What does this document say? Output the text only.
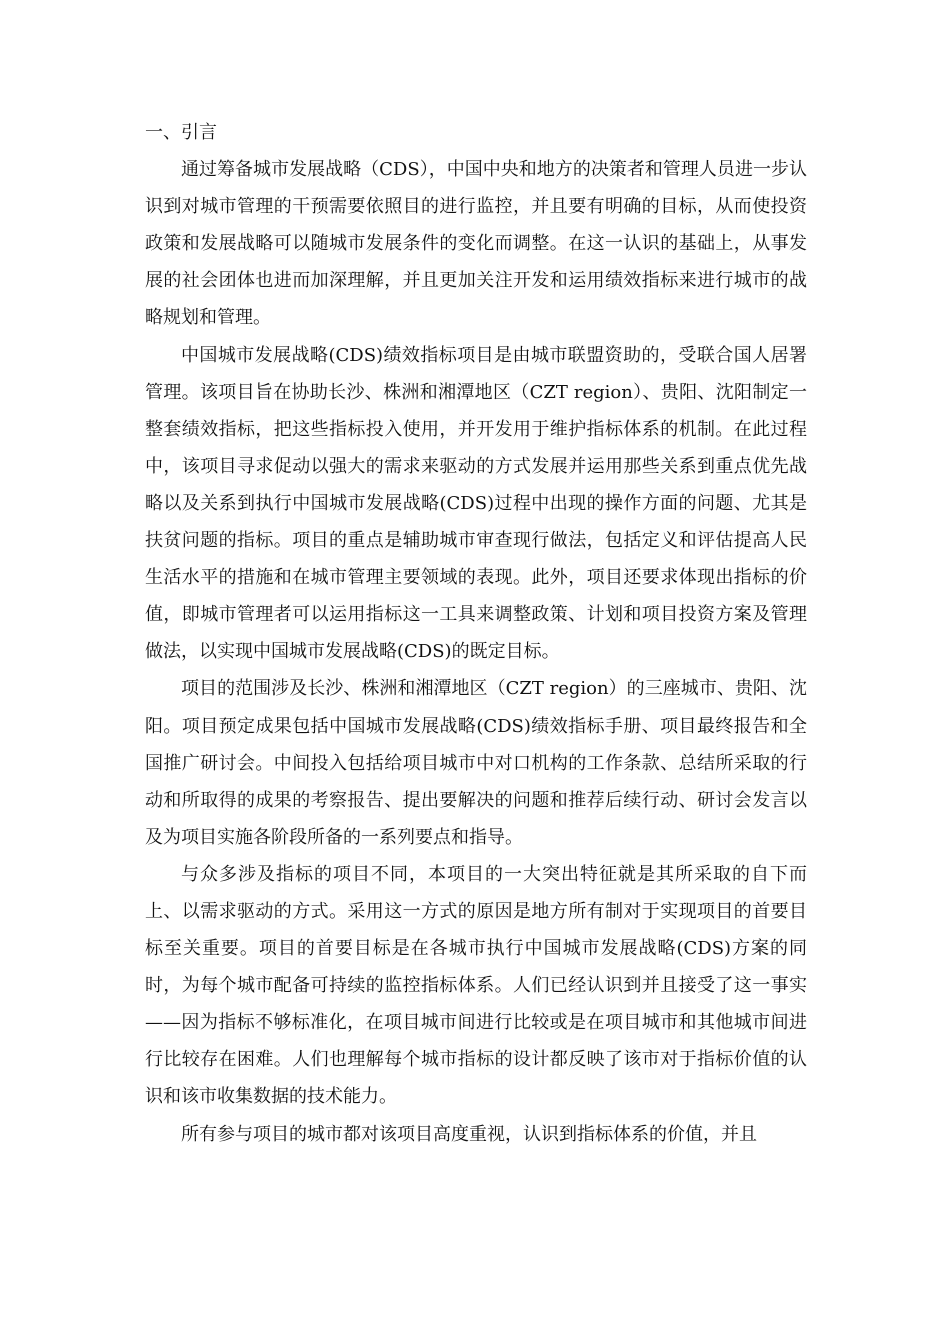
一、引言

通过筹备城市发展战略（CDS），中国中央和地方的决策者和管理人员进一步认识到对城市管理的干预需要依照目的进行监控，并且要有明确的目标，从而使投资政策和发展战略可以随城市发展条件的变化而调整。在这一认识的基础上，从事发展的社会团体也进而加深理解，并且更加关注开发和运用绩效指标来进行城市的战略规划和管理。

中国城市发展战略(CDS)绩效指标项目是由城市联盟资助的，受联合国人居署管理。该项目旨在协助长沙、株洲和湘潭地区（CZT region）、贵阳、沈阳制定一整套绩效指标，把这些指标投入使用，并开发用于维护指标体系的机制。在此过程中，该项目寻求促动以强大的需求来驱动的方式发展并运用那些关系到重点优先战略以及关系到执行中国城市发展战略(CDS)过程中出现的操作方面的问题、尤其是扶贫问题的指标。项目的重点是辅助城市审查现行做法，包括定义和评估提高人民生活水平的措施和在城市管理主要领域的表现。此外，项目还要求体现出指标的价值，即城市管理者可以运用指标这一工具来调整政策、计划和项目投资方案及管理做法，以实现中国城市发展战略(CDS)的既定目标。

项目的范围涉及长沙、株洲和湘潭地区（CZT region）的三座城市、贵阳、沈阳。项目预定成果包括中国城市发展战略(CDS)绩效指标手册、项目最终报告和全国推广研讨会。中间投入包括给项目城市中对口机构的工作条款、总结所采取的行动和所取得的成果的考察报告、提出要解决的问题和推荐后续行动、研讨会发言以及为项目实施各阶段所备的一系列要点和指导。

与众多涉及指标的项目不同，本项目的一大突出特征就是其所采取的自下而上、以需求驱动的方式。采用这一方式的原因是地方所有制对于实现项目的首要目标至关重要。项目的首要目标是在各城市执行中国城市发展战略(CDS)方案的同时，为每个城市配备可持续的监控指标体系。人们已经认识到并且接受了这一事实——因为指标不够标准化，在项目城市间进行比较或是在项目城市和其他城市间进行比较存在困难。人们也理解每个城市指标的设计都反映了该市对于指标价值的认识和该市收集数据的技术能力。

所有参与项目的城市都对该项目高度重视，认识到指标体系的价值，并且
